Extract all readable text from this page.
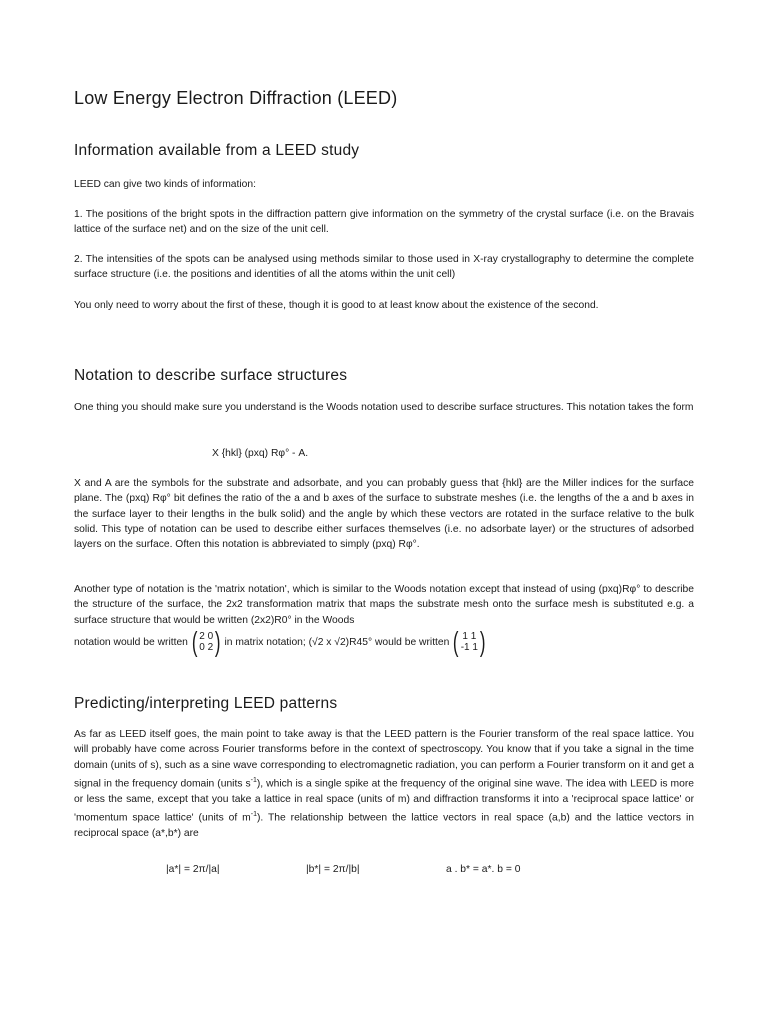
Low Energy Electron Diffraction (LEED)
Information available from a LEED study

LEED can give two kinds of information:

1. The positions of the bright spots in the diffraction pattern give information on the symmetry of the crystal surface (i.e. on the Bravais lattice of the surface net) and on the size of the unit cell.

2. The intensities of the spots can be analysed using methods similar to those used in X-ray crystallography to determine the complete surface structure (i.e. the positions and identities of all the atoms within the unit cell)

You only need to worry about the first of these, though it is good to at least know about the existence of the second.

Notation to describe surface structures

One thing you should make sure you understand is the Woods notation used to describe surface structures. This notation takes the form

X {hkl} (pxq) Rφ° - A.

X and A are the symbols for the substrate and adsorbate, and you can probably guess that {hkl} are the Miller indices for the surface plane. The (pxq) Rφ° bit defines the ratio of the a and b axes of the surface to substrate meshes (i.e. the lengths of the a and b axes in the surface layer to their lengths in the bulk solid) and the angle by which these vectors are rotated in the surface relative to the bulk solid. This type of notation can be used to describe either surfaces themselves (i.e. no adsorbate layer) or the structures of adsorbed layers on the surface. Often this notation is abbreviated to simply (pxq) Rφ°.

Another type of notation is the 'matrix notation', which is similar to the Woods notation except that instead of using (pxq)Rφ° to describe the structure of the surface, the 2x2 transformation matrix that maps the substrate mesh onto the surface mesh is substituted e.g. a surface structure that would be written (2x2)R0° in the Woods

notation would be written ( 2 0
0 2 ) in matrix notation; (√2 x √2)R45° would be written ( 1 1
-1 1 )
Predicting/interpreting LEED patterns

As far as LEED itself goes, the main point to take away is that the LEED pattern is the Fourier transform of the real space lattice. You will probably have come across Fourier transforms before in the context of spectroscopy. You know that if you take a signal in the time domain (units of s), such as a sine wave corresponding to electromagnetic radiation, you can perform a Fourier transform on it and get a signal in the frequency domain (units $s^{-1}$), which is a single spike at the frequency of the original sine wave. The idea with LEED is more or less the same, except that you take a lattice in real space (units of m) and diffraction transforms it into a 'reciprocal space lattice' or 'momentum space lattice' (units of $m^{-1}$). The relationship between the lattice vectors in real space (a,b) and the lattice vectors in reciprocal space (a*,b*) are

|a*| = 2π/|a|	|b*| = 2π/|b|	a . b* = a*. b = 0
